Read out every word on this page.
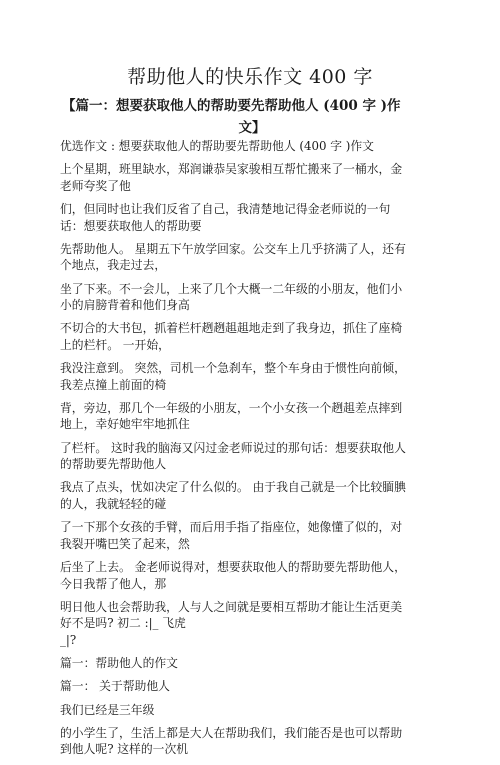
帮助他人的快乐作文 400 字
【篇一：想要获取他人的帮助要先帮助他人 (400 字 )作
文】

优选作文 : 想要获取他人的帮助要先帮助他人 (400 字 )作文

上个星期，班里缺水，郑润谦恭吴家骏相互帮忙搬来了一桶水，金老师夸奖了他

们，但同时也让我们反省了自己，我清楚地记得金老师说的一句话：想要获取他人的帮助要

先帮助他人。 星期五下午放学回家。公交车上几乎挤满了人，还有个地点，我走过去，

坐了下来。不一会儿，上来了几个大概一二年级的小朋友，他们小小的肩膀背着和他们身高

不切合的大书包，抓着栏杆趔趔趄趄地走到了我身边，抓住了座椅上的栏杆。 一开始，

我没注意到。 突然，司机一个急刹车，整个车身由于惯性向前倾，我差点撞上前面的椅

背，旁边，那几个一年级的小朋友，一个小女孩一个趔趄差点摔到地上，幸好她牢牢地抓住

了栏杆。 这时我的脑海又闪过金老师说过的那句话：想要获取他人的帮助要先帮助他人

我点了点头，忧如决定了什么似的。 由于我自己就是一个比较腼腆的人，我就轻轻的碰

了一下那个女孩的手臂，而后用手指了指座位，她像懂了似的，对我裂开嘴巴笑了起来，然

后坐了上去。 金老师说得对，想要获取他人的帮助要先帮助他人，今日我帮了他人，那

明日他人也会帮助我，人与人之间就是要相互帮助才能让生活更美好不是吗? 初二 :|_ 飞虎

_|?

篇一：帮助他人的作文

篇一： 关于帮助他人

我们已经是三年级

的小学生了，生活上都是大人在帮助我们，我们能否是也可以帮助到他人呢? 这样的一次机
